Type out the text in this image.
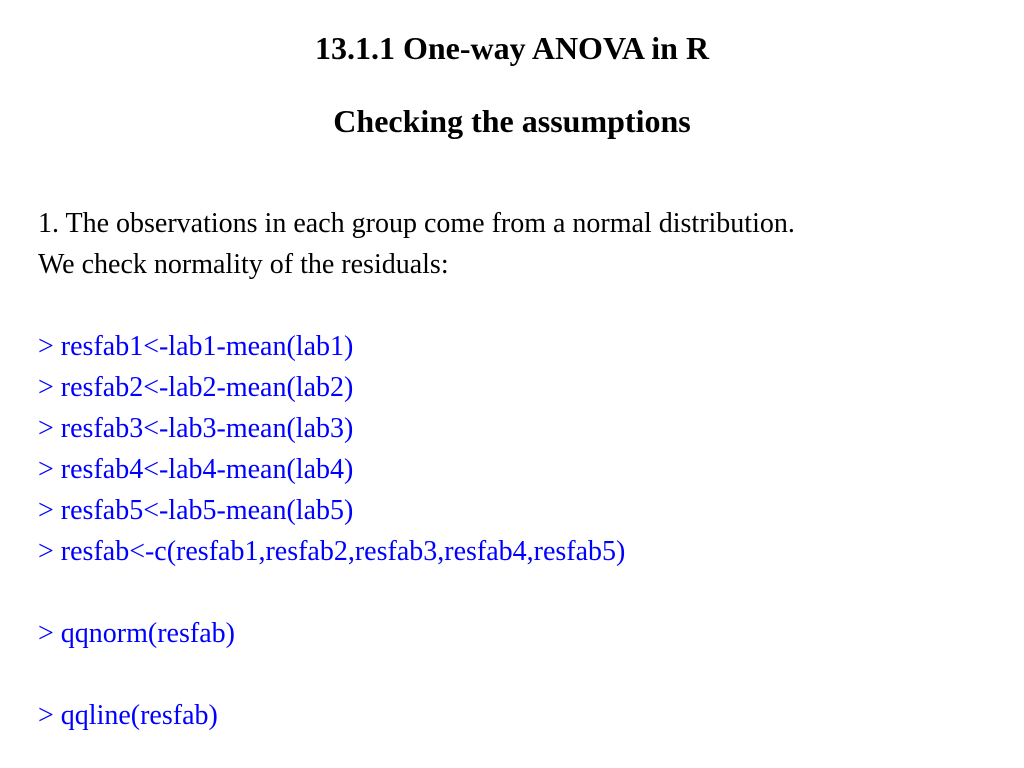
13.1.1 One-way ANOVA in R
Checking the assumptions
1. The observations in each group come from a normal distribution.
We check normality of the residuals:
> resfab1<-lab1-mean(lab1)
> resfab2<-lab2-mean(lab2)
> resfab3<-lab3-mean(lab3)
> resfab4<-lab4-mean(lab4)
> resfab5<-lab5-mean(lab5)
> resfab<-c(resfab1,resfab2,resfab3,resfab4,resfab5)
> qqnorm(resfab)
> qqline(resfab)
